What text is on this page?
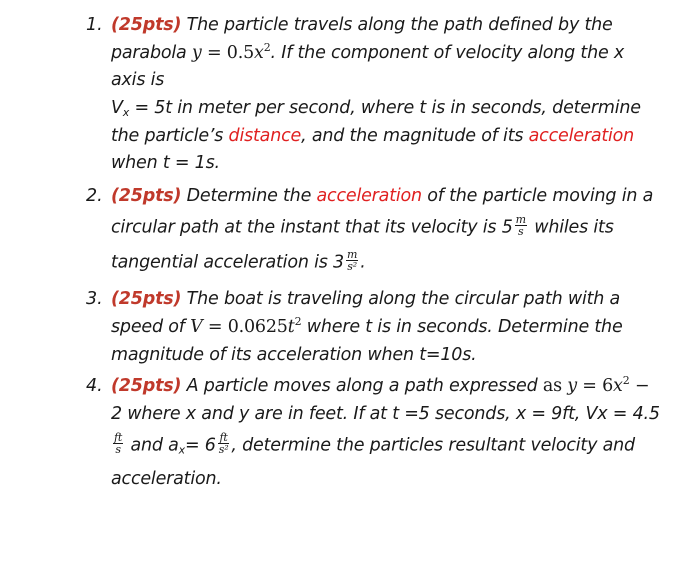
1. (25pts) The particle travels along the path defined by the
parabola $y = 0.5x^2$. If the component of velocity along the x
axis is
$V_x = 5t$ in meter per second, where t is in seconds, determine
the particle’s distance, and the magnitude of its acceleration
when t = 1s.
2. (25pts) Determine the acceleration of the particle moving in a
circular path at the instant that its velocity is $5 \frac{m}{s}$ whiles its
tangential acceleration is $3 \frac{m}{\text{s²}}$ .
3. (25pts) The boat is traveling along the circular path with a
speed of $V = 0.0625t^2$ where t is in seconds. Determine the
magnitude of its acceleration when t=10s.
4. (25pts) A particle moves along a path expressed as $y = 6x^2$ −
2 where x and y are in feet. If at t =5 seconds, x = 9ft, Vx = 4.5
$\frac{ft}{s}$ and $a_x= 6 \frac{ft}{\text{s²}}$ , determine the particles resultant velocity and
acceleration.
